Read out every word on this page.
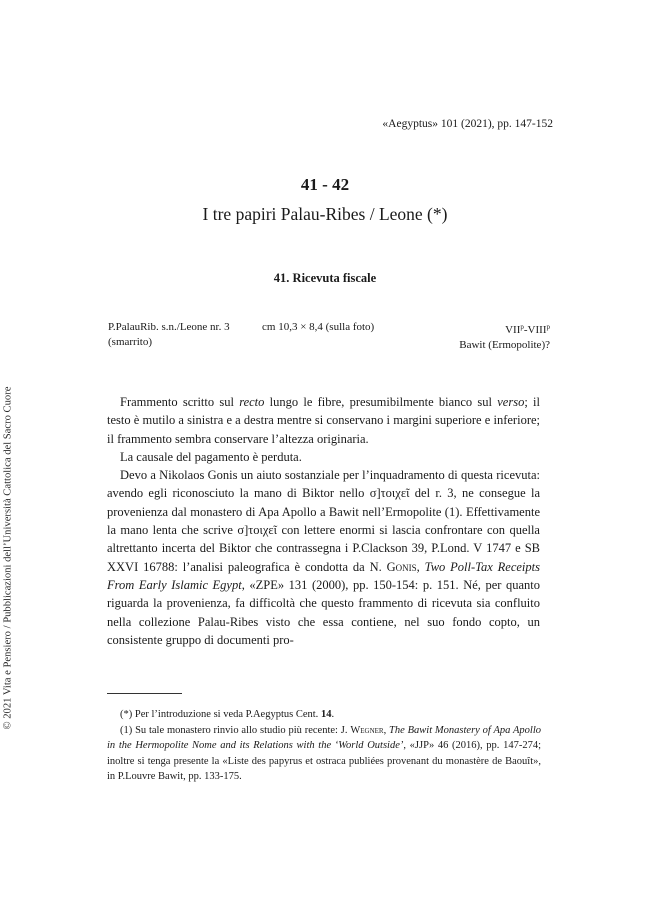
© 2021 Vita e Pensiero / Pubblicazioni dell’Università Cattolica del Sacro Cuore
«Aegyptus» 101 (2021), pp. 147-152
41 - 42
I tre papiri Palau-Ribes / Leone (*)
41. Ricevuta fiscale
P.PalauRib. s.n./Leone nr. 3
(smarrito)
cm 10,3 × 8,4 (sulla foto)	VII$^p$-VIII$^p$
Bawit (Ermopolite)?

Frammento scritto sul recto lungo le fibre, presumibilmente bianco sul verso; il testo è mutilo a sinistra e a destra mentre si conservano i margini superiore e inferiore; il frammento sembra conservare l’altezza originaria.

La causale del pagamento è perduta.

Devo a Nikolaos Gonis un aiuto sostanziale per l’inquadramento di questa ricevuta: avendo egli riconosciuto la mano di Biktor nello σ]τοιχεῖ del r. 3, ne consegue la provenienza dal monastero di Apa Apollo a Bawit nell’Ermopolite (1). Effettivamente la mano lenta che scrive σ]τοιχεῖ con lettere enormi si lascia confrontare con quella altrettanto incerta del Biktor che contrassegna i P.Clackson 39, P.Lond. V 1747 e SB XXVI 16788: l’analisi paleografica è condotta da N. Gonis, Two Poll-Tax Receipts From Early Islamic Egypt, «ZPE» 131 (2000), pp. 150-154: p. 151. Né, per quanto riguarda la provenienza, fa difficoltà che questo frammento di ricevuta sia confluito nella collezione Palau-Ribes visto che essa contiene, nel suo fondo copto, un consistente gruppo di documenti pro-

(*) Per l’introduzione si veda P.Aegyptus Cent. 14.

(1) Su tale monastero rinvio allo studio più recente: J. Wegner, The Bawit Monastery of Apa Apollo in the Hermopolite Nome and its Relations with the ‘World Outside’, «JJP» 46 (2016), pp. 147-274; inoltre si tenga presente la «Liste des papyrus et ostraca publiées provenant du monastère de Baouît», in P.Louvre Bawit, pp. 133-175.
